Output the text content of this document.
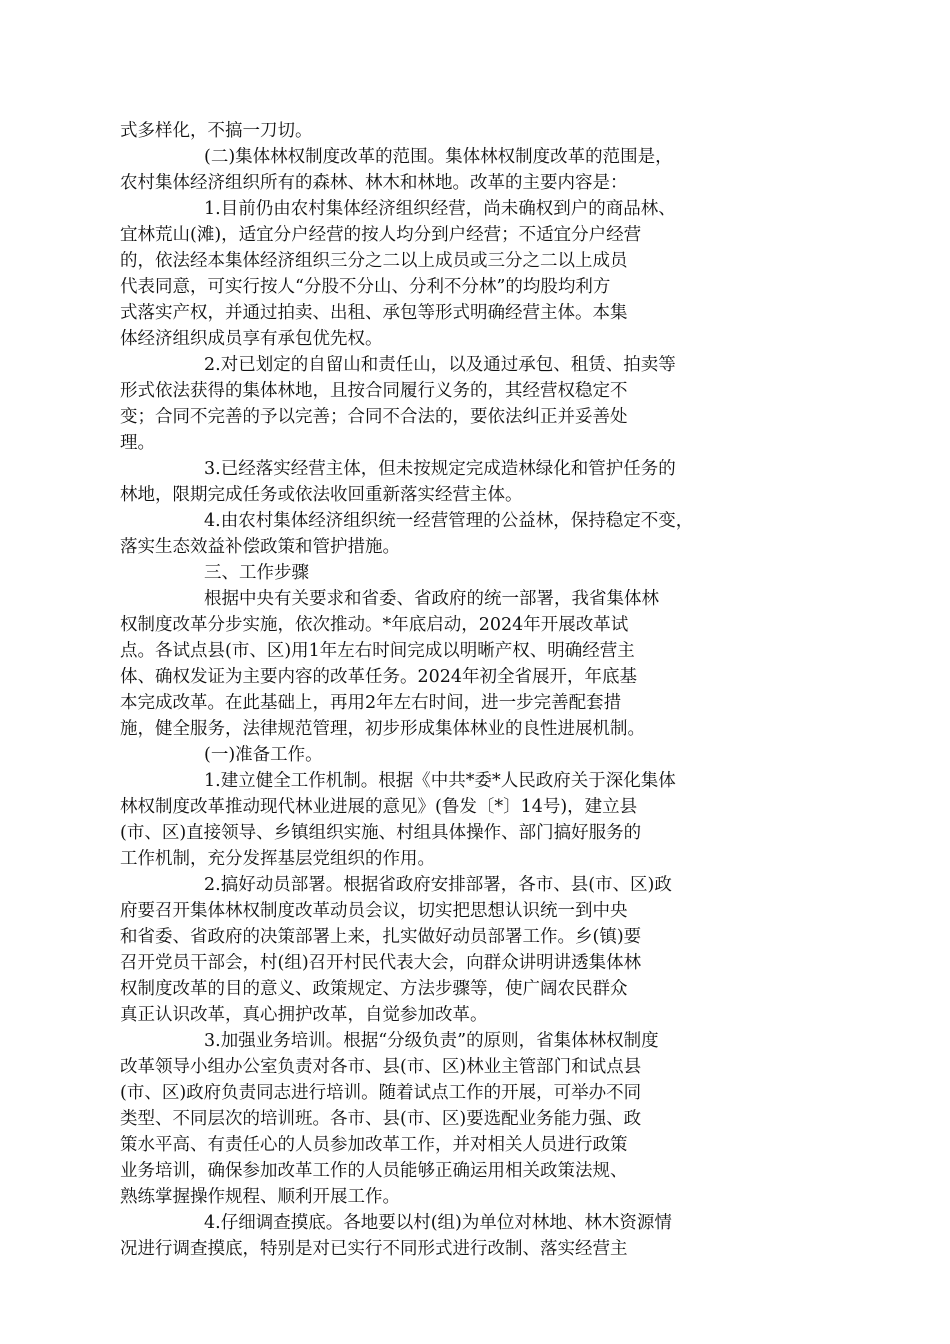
式多样化，不搞一刀切。
(二)集体林权制度改革的范围。集体林权制度改革的范围是，
农村集体经济组织所有的森林、林木和林地。改革的主要内容是：
1.目前仍由农村集体经济组织经营，尚未确权到户的商品林、
宜林荒山(滩)，适宜分户经营的按人均分到户经营；不适宜分户经营
的，依法经本集体经济组织三分之二以上成员或三分之二以上成员
代表同意，可实行按人“分股不分山、分利不分林”的均股均利方
式落实产权，并通过拍卖、出租、承包等形式明确经营主体。本集
体经济组织成员享有承包优先权。
2.对已划定的自留山和责任山，以及通过承包、租赁、拍卖等
形式依法获得的集体林地，且按合同履行义务的，其经营权稳定不
变；合同不完善的予以完善；合同不合法的，要依法纠正并妥善处
理。
3.已经落实经营主体，但未按规定完成造林绿化和管护任务的
林地，限期完成任务或依法收回重新落实经营主体。
4.由农村集体经济组织统一经营管理的公益林，保持稳定不变，
落实生态效益补偿政策和管护措施。
三、工作步骤
根据中央有关要求和省委、省政府的统一部署，我省集体林
权制度改革分步实施，依次推动。*年底启动，2024年开展改革试
点。各试点县(市、区)用1年左右时间完成以明晰产权、明确经营主
体、确权发证为主要内容的改革任务。2024年初全省展开，年底基
本完成改革。在此基础上，再用2年左右时间，进一步完善配套措
施，健全服务，法律规范管理，初步形成集体林业的良性进展机制。
(一)准备工作。
1.建立健全工作机制。根据《中共*委*人民政府关于深化集体
林权制度改革推动现代林业进展的意见》(鲁发〔*〕14号)，建立县
(市、区)直接领导、乡镇组织实施、村组具体操作、部门搞好服务的
工作机制，充分发挥基层党组织的作用。
2.搞好动员部署。根据省政府安排部署，各市、县(市、区)政
府要召开集体林权制度改革动员会议，切实把思想认识统一到中央
和省委、省政府的决策部署上来，扎实做好动员部署工作。乡(镇)要
召开党员干部会，村(组)召开村民代表大会，向群众讲明讲透集体林
权制度改革的目的意义、政策规定、方法步骤等，使广阔农民群众
真正认识改革，真心拥护改革，自觉参加改革。
3.加强业务培训。根据“分级负责”的原则，省集体林权制度
改革领导小组办公室负责对各市、县(市、区)林业主管部门和试点县
(市、区)政府负责同志进行培训。随着试点工作的开展，可举办不同
类型、不同层次的培训班。各市、县(市、区)要选配业务能力强、政
策水平高、有责任心的人员参加改革工作，并对相关人员进行政策
业务培训，确保参加改革工作的人员能够正确运用相关政策法规、
熟练掌握操作规程、顺利开展工作。
4.仔细调查摸底。各地要以村(组)为单位对林地、林木资源情
况进行调查摸底，特别是对已实行不同形式进行改制、落实经营主
